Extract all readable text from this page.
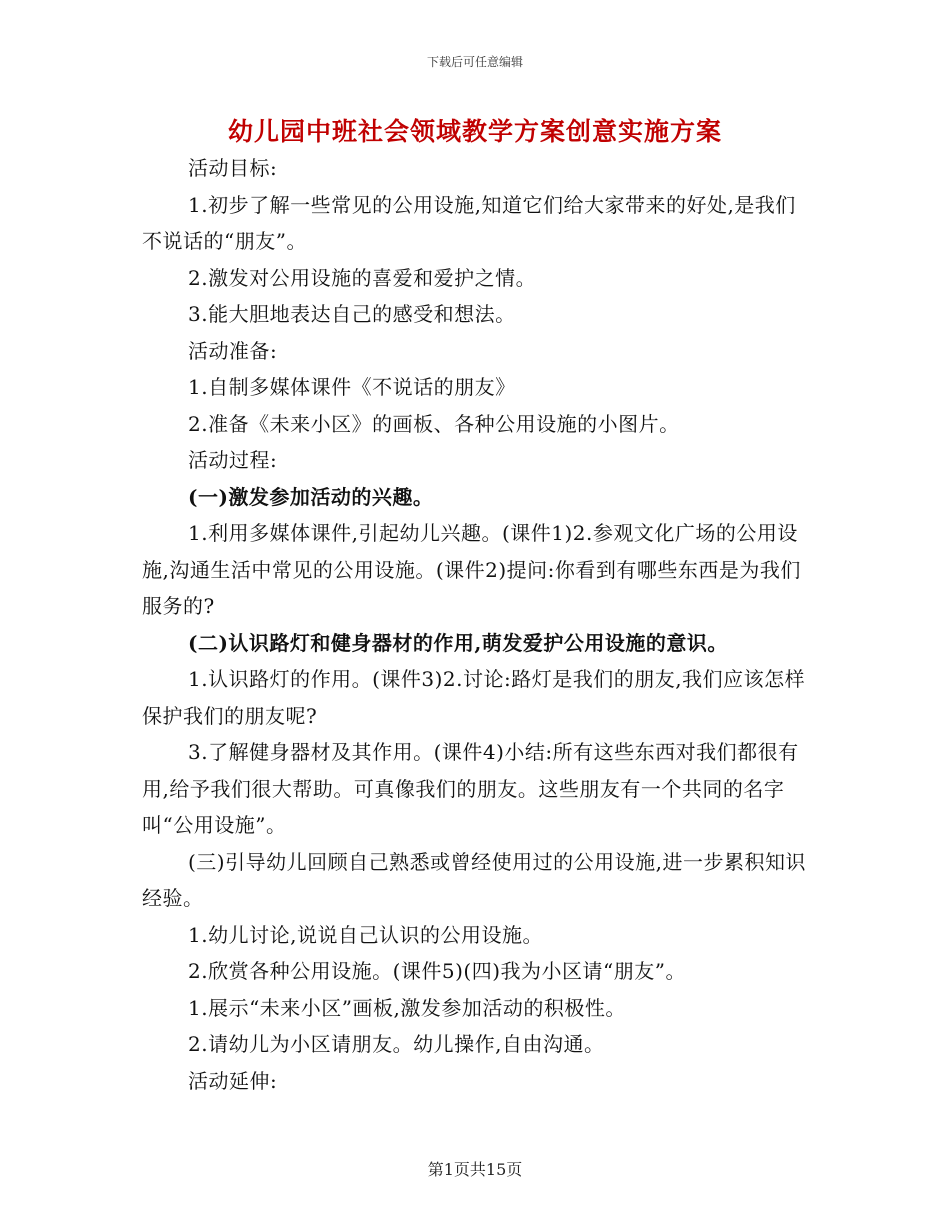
下载后可任意编辑
幼儿园中班社会领域教学方案创意实施方案

活动目标:

1.初步了解一些常见的公用设施,知道它们给大家带来的好处,是我们不说话的“朋友”。

2.激发对公用设施的喜爱和爱护之情。

3.能大胆地表达自己的感受和想法。

活动准备:

1.自制多媒体课件《不说话的朋友》

2.准备《未来小区》的画板、各种公用设施的小图片。

活动过程:

(一)激发参加活动的兴趣。

1.利用多媒体课件,引起幼儿兴趣。(课件1)2.参观文化广场的公用设施,沟通生活中常见的公用设施。(课件2)提问:你看到有哪些东西是为我们服务的?

(二)认识路灯和健身器材的作用,萌发爱护公用设施的意识。

1.认识路灯的作用。(课件3)2.讨论:路灯是我们的朋友,我们应该怎样保护我们的朋友呢?

3.了解健身器材及其作用。(课件4)小结:所有这些东西对我们都很有用,给予我们很大帮助。可真像我们的朋友。这些朋友有一个共同的名字叫“公用设施”。

(三)引导幼儿回顾自己熟悉或曾经使用过的公用设施,进一步累积知识经验。

1.幼儿讨论,说说自己认识的公用设施。

2.欣赏各种公用设施。(课件5)(四)我为小区请“朋友”。

1.展示“未来小区”画板,激发参加活动的积极性。

2.请幼儿为小区请朋友。幼儿操作,自由沟通。

活动延伸:

第1页共15页
